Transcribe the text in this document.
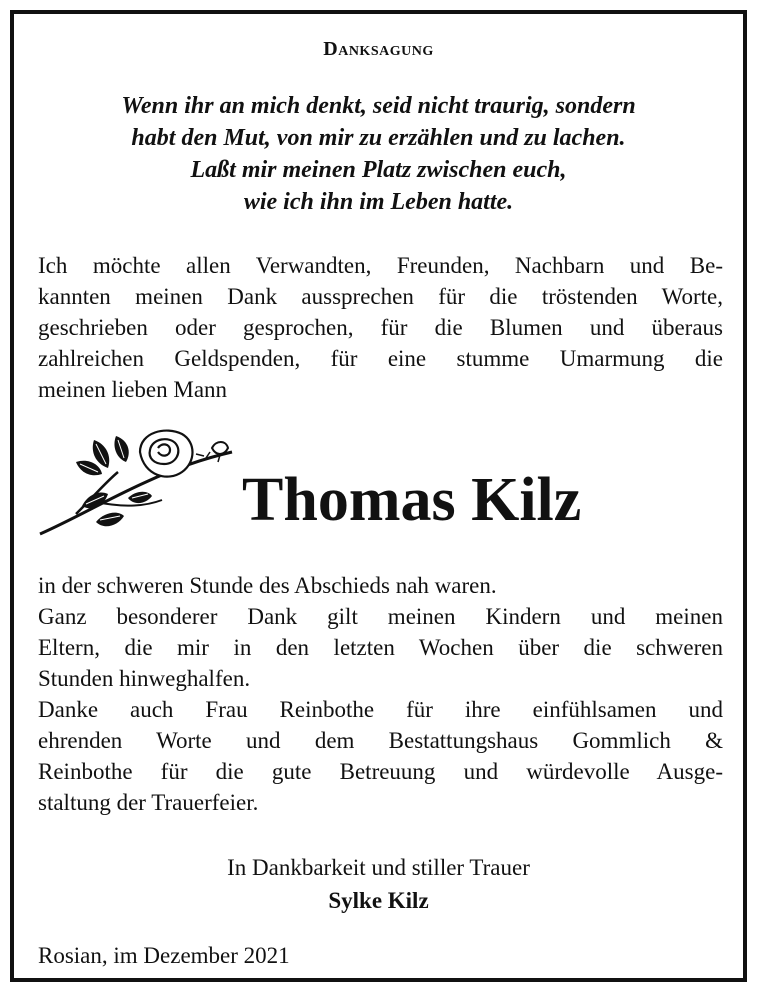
Danksagung
Wenn ihr an mich denkt, seid nicht traurig, sondern
habt den Mut, von mir zu erzählen und zu lachen.
Laßt mir meinen Platz zwischen euch,
wie ich ihn im Leben hatte.
Ich möchte allen Verwandten, Freunden, Nachbarn und Be-
kannten meinen Dank aussprechen für die tröstenden Worte,
geschrieben oder gesprochen, für die Blumen und überaus
zahlreichen Geldspenden, für eine stumme Umarmung die
meinen lieben Mann
Thomas Kilz
in der schweren Stunde des Abschieds nah waren.
Ganz besonderer Dank gilt meinen Kindern und meinen
Eltern, die mir in den letzten Wochen über die schweren
Stunden hinweghalfen.
Danke auch Frau Reinbothe für ihre einfühlsamen und
ehrenden Worte und dem Bestattungshaus Gommlich &
Reinbothe für die gute Betreuung und würdevolle Ausge-
staltung der Trauerfeier.
In Dankbarkeit und stiller Trauer
Sylke Kilz
Rosian, im Dezember 2021
